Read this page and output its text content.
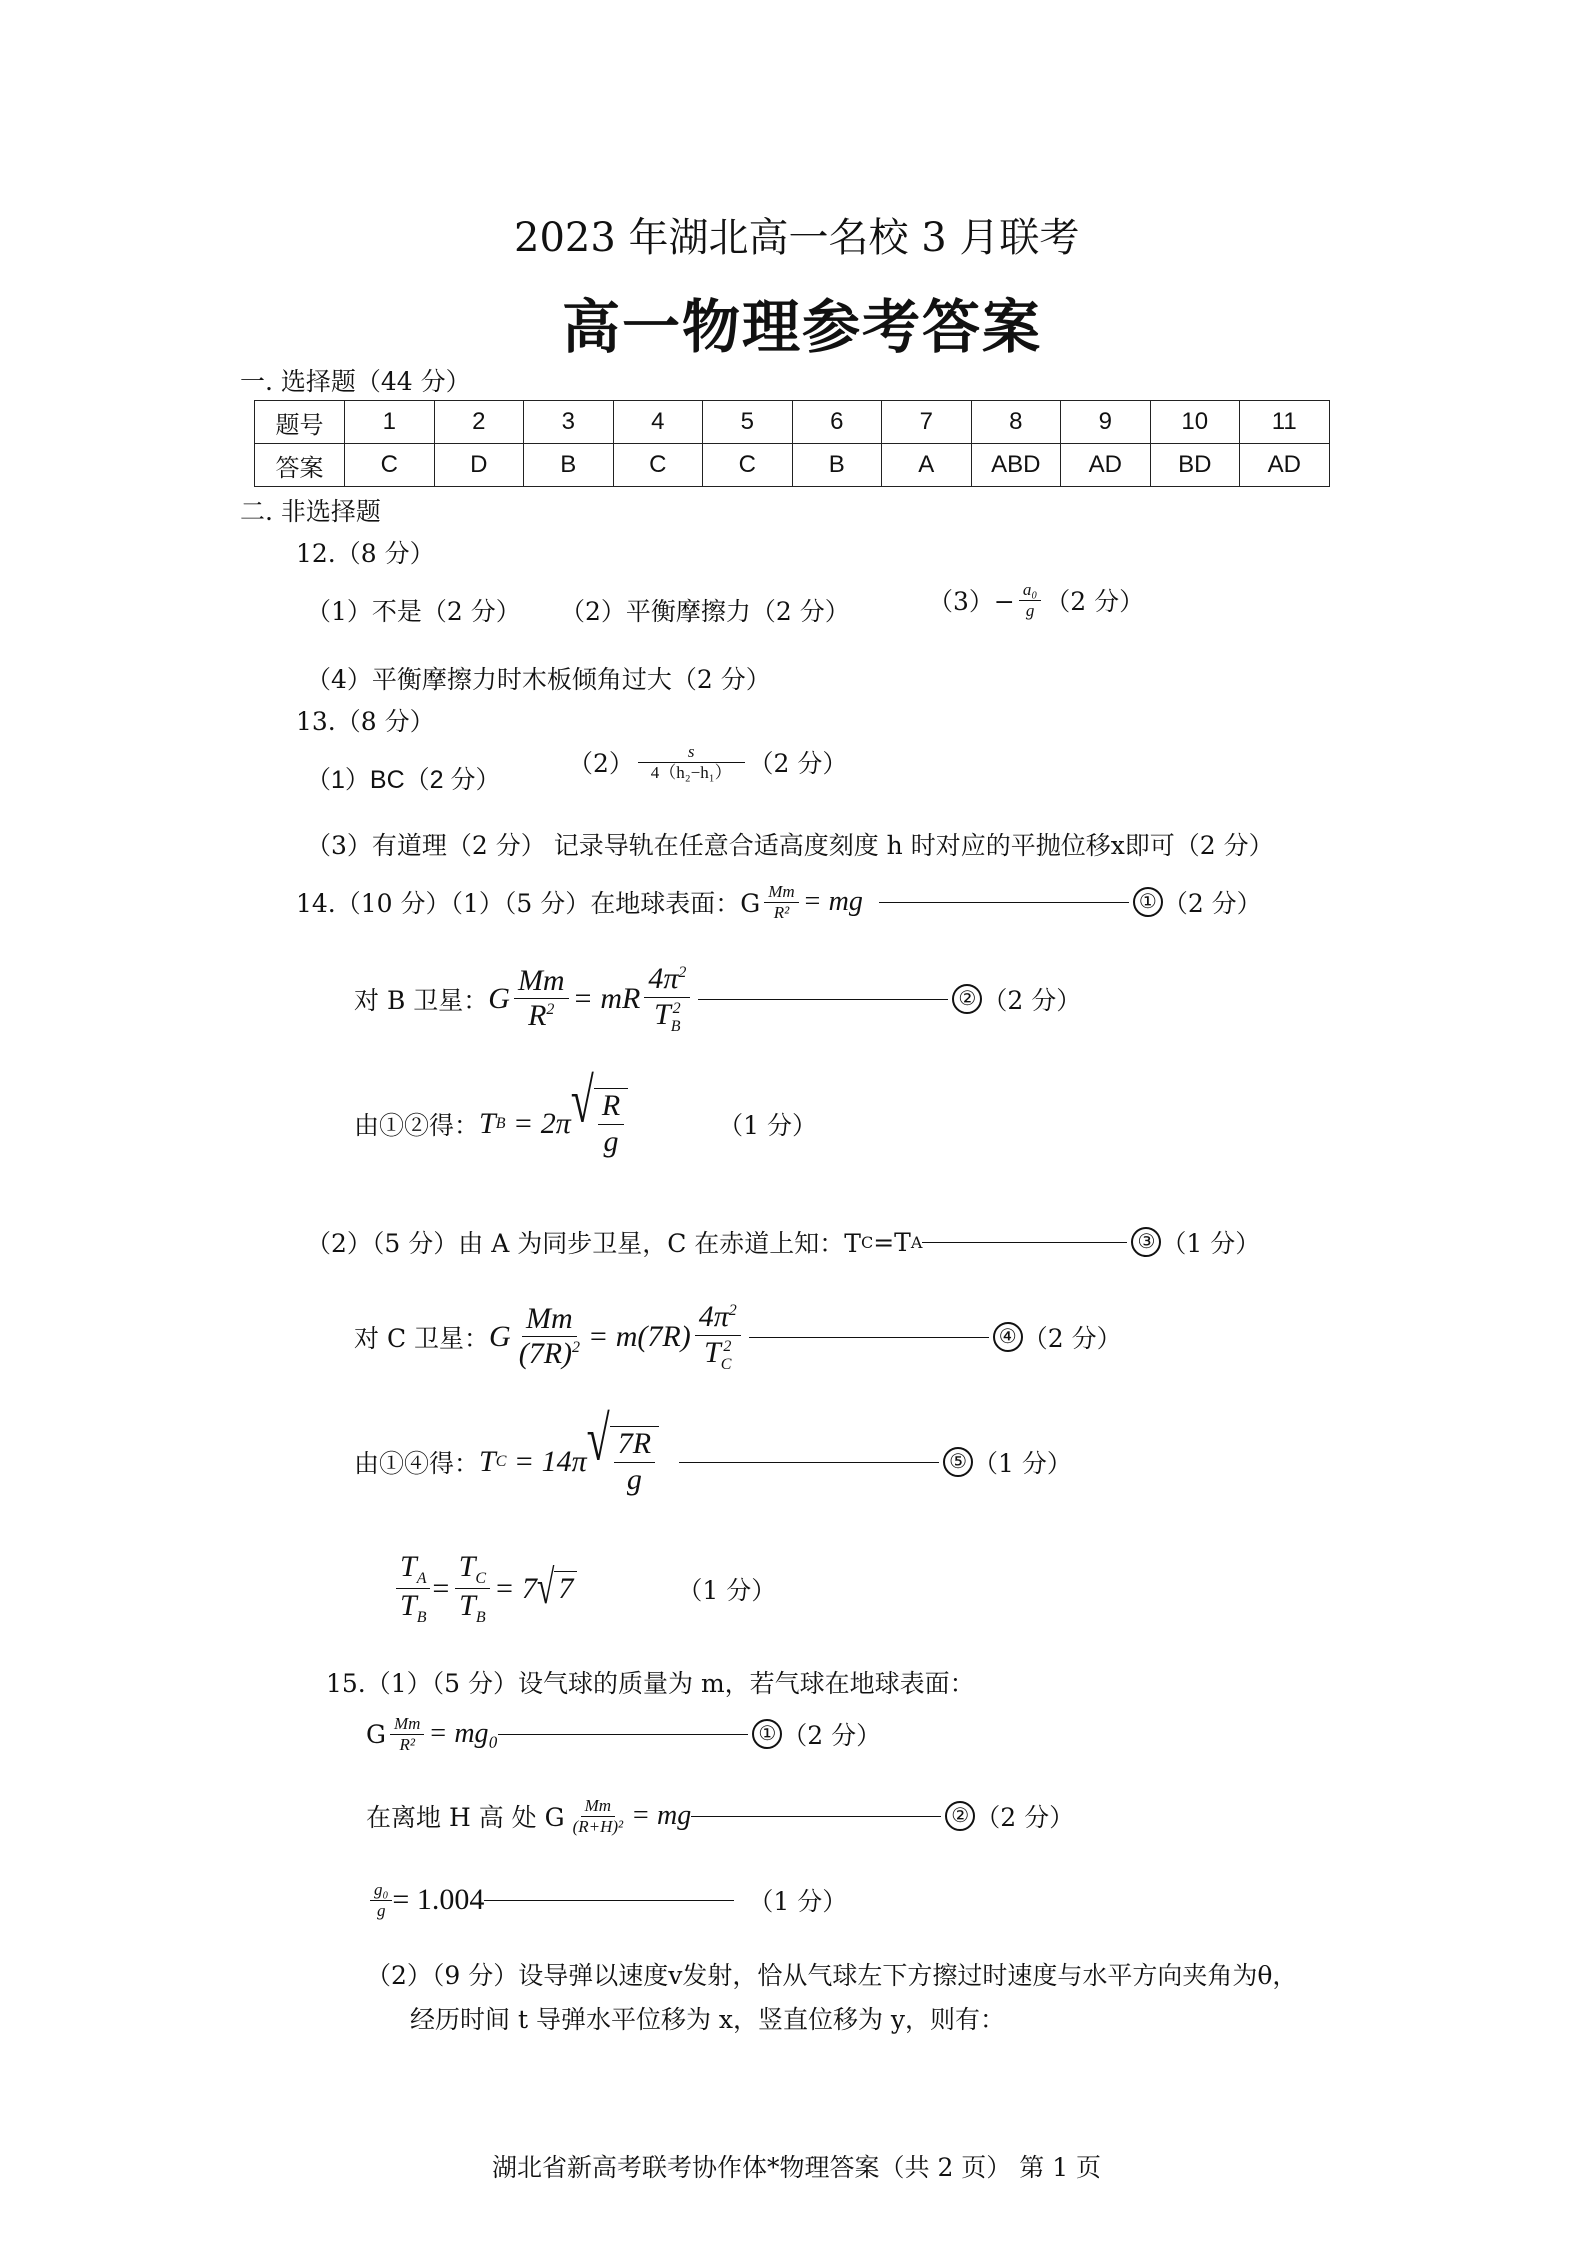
2023 年湖北高一名校 3 月联考
高一物理参考答案
一. 选择题（44 分）
题号	1	2	3	4	5	6	7	8	9	10	11
答案	C	D	B	C	C	B	A	ABD	AD	BD	AD
二. 非选择题
12.（8 分）
（1）不是（2 分） （2）平衡摩擦力（2 分）	$(3)- \frac{\text{a₀}}{g} (2$ 分）
（4）平衡摩擦力时木板倾角过大（2 分）
13.（8 分）
（1）BC（2 分）
$(2) \frac{s}{\text{4（h₂−h₁）}} (2$ 分）
（3）有道理（2 分） 记录导轨在任意合适高度刻度 h 时对应的平抛位移x即可（2 分）
14.（10 分）（1）（5 分）在地球表面：G $\frac{Mm}{\text{R²}}$ = mg	① （2 分）
对 B 卫星： G $\frac{Mm}{R^2}$ = mR $\frac{4\pi^2}{T_B^2}$	② （2 分）
由①②得： T B = 2π √ $\frac{R}{g}$	（1 分）
（2）（5 分）由 A 为同步卫星，C 在赤道上知：T C =T A	③ （1 分）
对 C 卫星： G $\frac{Mm}{(7R)^2} = m(7R) \frac{4\pi^2}{T_C^2}$	④ （2 分）
由①④得： T C = 14π √ $\frac{7R}{g}$	⑤ （1 分）
$\frac{T_A}{T_B} = \frac{T_C}{T_B} = 7$ √ 7	（1 分）
15.（1）（5 分）设气球的质量为 m，若气球在地球表面：
G $\frac{Mm}{\text{R²}} = mg_0$	① （2 分）
在离地 H 高 处 G $\frac{Mm}{\text{(R+H)²}}$ = mg	② （2 分）
$\frac{\text{g₀}}{g} = 1.004$	（1 分）
（2）（9 分）设导弹以速度v发射，恰从气球左下方擦过时速度与水平方向夹角为θ，
经历时间 t 导弹水平位移为 x，竖直位移为 y，则有：
湖北省新高考联考协作体*物理答案（共 2 页） 第 1 页
